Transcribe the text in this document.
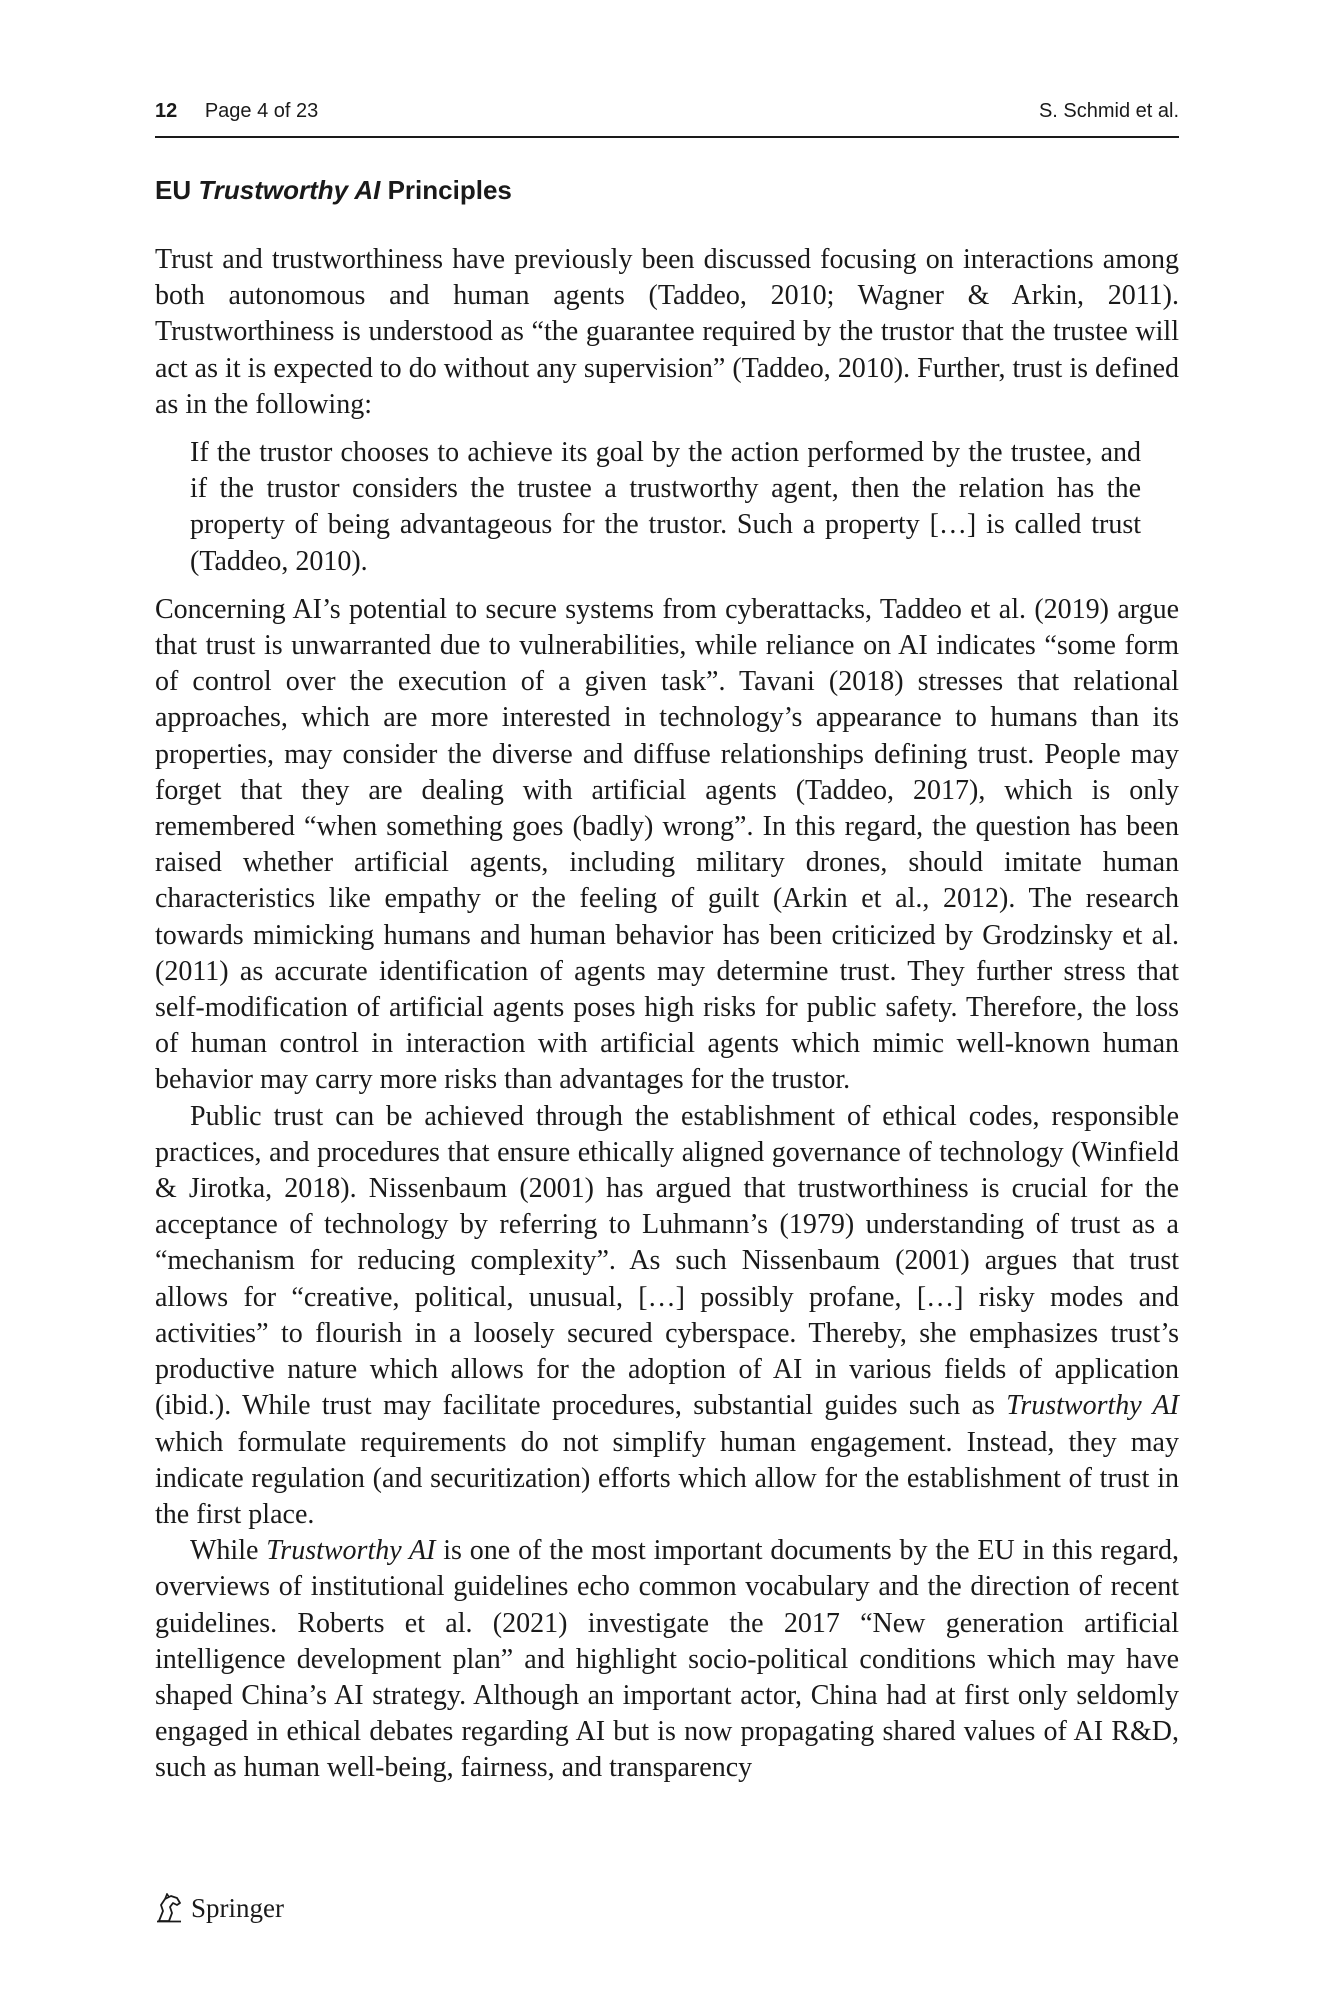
12 Page 4 of 23	S. Schmid et al.
EU Trustworthy AI Principles

Trust and trustworthiness have previously been discussed focusing on interactions among both autonomous and human agents (Taddeo, 2010; Wagner & Arkin, 2011). Trustworthiness is understood as “the guarantee required by the trustor that the trustee will act as it is expected to do without any supervision” (Taddeo, 2010). Further, trust is defined as in the following:

If the trustor chooses to achieve its goal by the action performed by the trustee, and if the trustor considers the trustee a trustworthy agent, then the relation has the property of being advantageous for the trustor. Such a property […] is called trust (Taddeo, 2010).

Concerning AI’s potential to secure systems from cyberattacks, Taddeo et al. (2019) argue that trust is unwarranted due to vulnerabilities, while reliance on AI indicates “some form of control over the execution of a given task”. Tavani (2018) stresses that relational approaches, which are more interested in technology’s appearance to humans than its properties, may consider the diverse and diffuse relationships defining trust. People may forget that they are dealing with artificial agents (Taddeo, 2017), which is only remembered “when something goes (badly) wrong”. In this regard, the question has been raised whether artificial agents, including military drones, should imitate human characteristics like empathy or the feeling of guilt (Arkin et al., 2012). The research towards mimicking humans and human behavior has been criticized by Grodzinsky et al. (2011) as accurate identification of agents may determine trust. They further stress that self-modification of artificial agents poses high risks for public safety. Therefore, the loss of human control in interaction with artificial agents which mimic well-known human behavior may carry more risks than advantages for the trustor.

Public trust can be achieved through the establishment of ethical codes, responsible practices, and procedures that ensure ethically aligned governance of technology (Winfield & Jirotka, 2018). Nissenbaum (2001) has argued that trustworthiness is crucial for the acceptance of technology by referring to Luhmann’s (1979) understanding of trust as a “mechanism for reducing complexity”. As such Nissenbaum (2001) argues that trust allows for “creative, political, unusual, […] possibly profane, […] risky modes and activities” to flourish in a loosely secured cyberspace. Thereby, she emphasizes trust’s productive nature which allows for the adoption of AI in various fields of application (ibid.). While trust may facilitate procedures, substantial guides such as Trustworthy AI which formulate requirements do not simplify human engagement. Instead, they may indicate regulation (and securitization) efforts which allow for the establishment of trust in the first place.

While Trustworthy AI is one of the most important documents by the EU in this regard, overviews of institutional guidelines echo common vocabulary and the direction of recent guidelines. Roberts et al. (2021) investigate the 2017 “New generation artificial intelligence development plan” and highlight socio-political conditions which may have shaped China’s AI strategy. Although an important actor, China had at first only seldomly engaged in ethical debates regarding AI but is now propagating shared values of AI R&D, such as human well-being, fairness, and transparency

Springer
